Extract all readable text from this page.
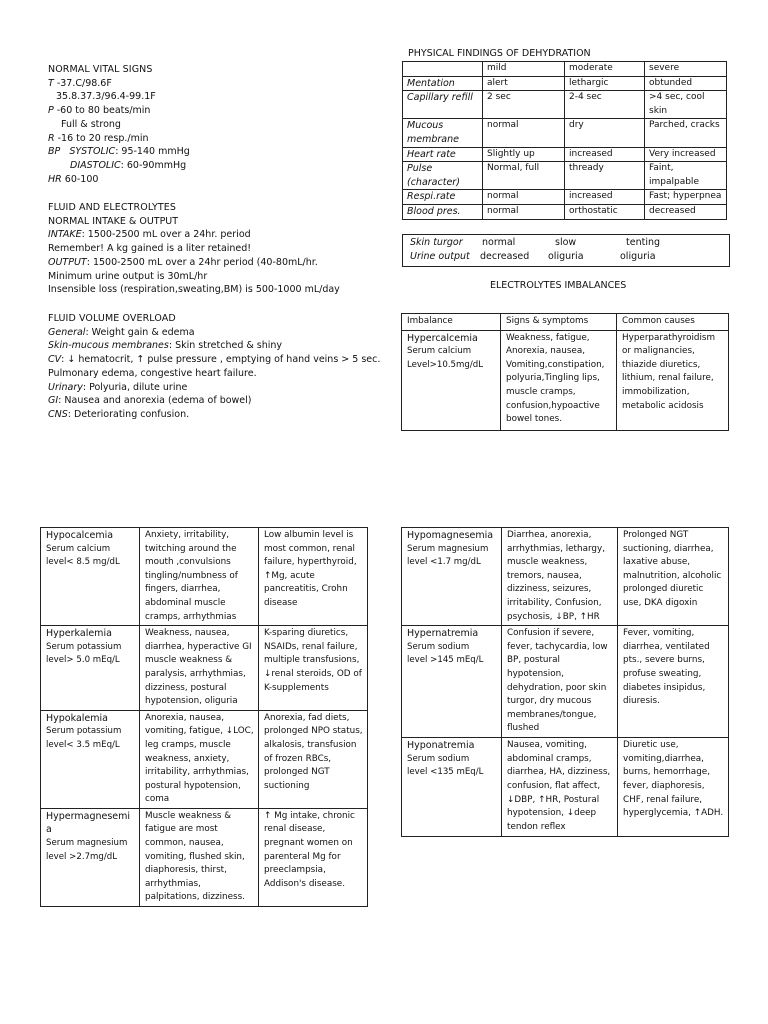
NORMAL VITAL SIGNS
T -37.C/98.6F
35.8.37.3/96.4-99.1F
P -60 to 80 beats/min
Full & strong
R -16 to 20 resp./min
BP SYSTOLIC: 95-140 mmHg
DIASTOLIC: 60-90mmHg
HR 60-100
FLUID AND ELECTROLYTES
NORMAL INTAKE & OUTPUT
INTAKE: 1500-2500 mL over a 24hr. period
Remember! A kg gained is a liter retained!
OUTPUT: 1500-2500 mL over a 24hr period (40-80mL/hr.
Minimum urine output is 30mL/hr
Insensible loss (respiration,sweating,BM) is 500-1000 mL/day
FLUID VOLUME OVERLOAD
General: Weight gain & edema
Skin-mucous membranes: Skin stretched & shiny
CV: ↓ hematocrit, ↑ pulse pressure , emptying of hand veins > 5 sec.
Pulmonary edema, congestive heart failure.
Urinary: Polyuria, dilute urine
GI: Nausea and anorexia (edema of bowel)
CNS: Deteriorating confusion.
PHYSICAL FINDINGS OF DEHYDRATION
	mild	moderate	severe
Mentation	alert	lethargic	obtunded
Capillary refill	2 sec	2-4 sec	>4 sec, cool skin
Mucous membrane	normal	dry	Parched, cracks
Heart rate	Slightly up	increased	Very increased
Pulse (character)	Normal, full	thready	Faint, impalpable
Respi.rate	normal	increased	Fast; hyperpnea
Blood pres.	normal	orthostatic	decreased
Skin turgor normal	slow	tenting
Urine output decreased oliguria	oliguria
ELECTROLYTES IMBALANCES
Imbalance	Signs & symptoms	Common causes

Hypercalcemia
Serum calcium
Level>10.5mg/dL	Weakness, fatigue, Anorexia, nausea, Vomiting,constipation, polyuria,Tingling lips, muscle cramps, confusion,hypoactive bowel tones.	Hyperparathyroidism or malignancies, thiazide diuretics, lithium, renal failure, immobilization, metabolic acidosis
Hypocalcemia
Serum calcium
level< 8.5 mg/dL	Anxiety, irritability, twitching around the mouth ,convulsions tingling/numbness of fingers, diarrhea, abdominal muscle cramps, arrhythmias	Low albumin level is most common, renal failure, hyperthyroid, ↑Mg, acute pancreatitis, Crohn disease

Hyperkalemia
Serum potassium
level> 5.0 mEq/L	Weakness, nausea, diarrhea, hyperactive GI muscle weakness & paralysis, arrhythmias, dizziness, postural hypotension, oliguria	K-sparing diuretics, NSAIDs, renal failure, multiple transfusions, ↓renal steroids, OD of K-supplements

Hypokalemia
Serum potassium
level< 3.5 mEq/L	Anorexia, nausea, vomiting, fatigue, ↓LOC, leg cramps, muscle weakness, anxiety, irritability, arrhythmias, postural hypotension, coma	Anorexia, fad diets, prolonged NPO status, alkalosis, transfusion of frozen RBCs, prolonged NGT suctioning

Hypermagnesemia
Serum magnesium
level >2.7mg/dL	Muscle weakness & fatigue are most common, nausea, vomiting, flushed skin, diaphoresis, thirst, arrhythmias, palpitations, dizziness.	↑ Mg intake, chronic renal disease, pregnant women on parenteral Mg for preeclampsia, Addison's disease.
Hypomagnesemia
Serum magnesium
level <1.7 mg/dL	Diarrhea, anorexia, arrhythmias, lethargy, muscle weakness, tremors, nausea, dizziness, seizures, irritability, Confusion, psychosis, ↓BP, ↑HR	Prolonged NGT suctioning, diarrhea, laxative abuse, malnutrition, alcoholic prolonged diuretic use, DKA digoxin

Hypernatremia
Serum sodium
level >145 mEq/L	Confusion if severe, fever, tachycardia, low BP, postural hypotension, dehydration, poor skin turgor, dry mucous membranes/tongue, flushed	Fever, vomiting, diarrhea, ventilated pts., severe burns, profuse sweating, diabetes insipidus, diuresis.

Hyponatremia
Serum sodium
level <135 mEq/L	Nausea, vomiting, abdominal cramps, diarrhea, HA, dizziness, confusion, flat affect, ↓DBP, ↑HR, Postural hypotension, ↓deep tendon reflex	Diuretic use, vomiting,diarrhea, burns, hemorrhage, fever, diaphoresis, CHF, renal failure, hyperglycemia, ↑ADH.
